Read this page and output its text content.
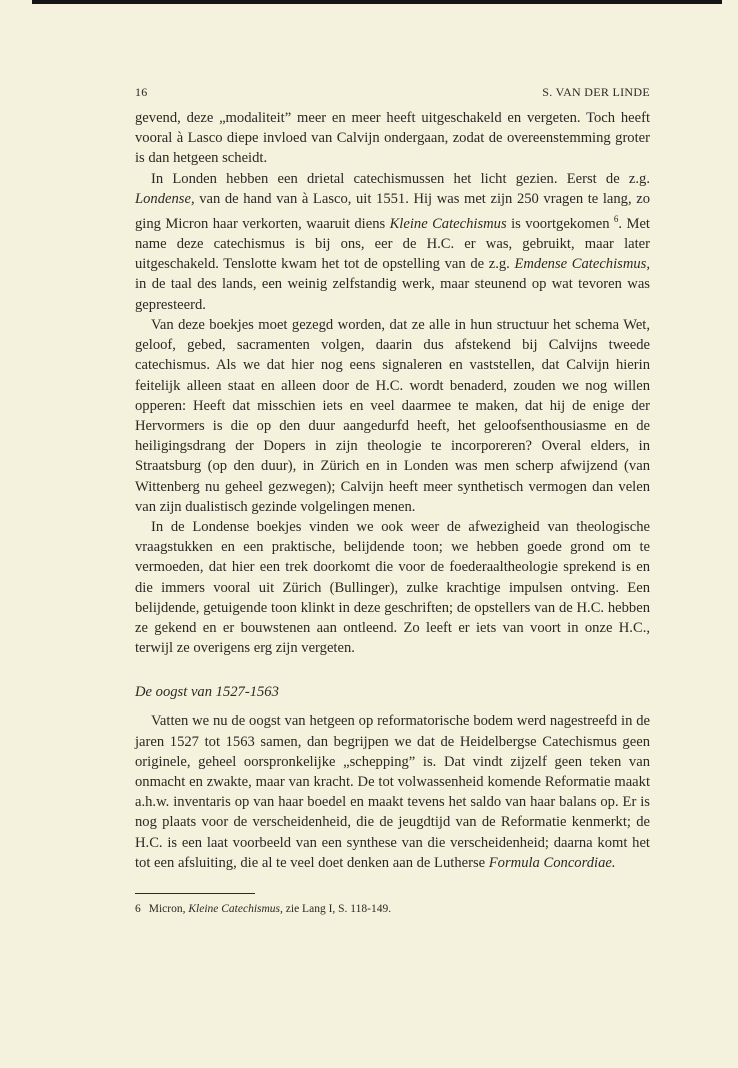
16	S. VAN DER LINDE

gevend, deze „modaliteit” meer en meer heeft uitgeschakeld en vergeten. Toch heeft vooral à Lasco diepe invloed van Calvijn ondergaan, zodat de overeenstemming groter is dan hetgeen scheidt.

In Londen hebben een drietal catechismussen het licht gezien. Eerst de z.g. Londense, van de hand van à Lasco, uit 1551. Hij was met zijn 250 vragen te lang, zo ging Micron haar verkorten, waaruit diens Kleine Catechismus is voortgekomen $^6$. Met name deze catechismus is bij ons, eer de H.C. er was, gebruikt, maar later uitgeschakeld. Tenslotte kwam het tot de opstelling van de z.g. Emdense Catechismus, in de taal des lands, een weinig zelfstandig werk, maar steunend op wat tevoren was gepresteerd.

Van deze boekjes moet gezegd worden, dat ze alle in hun structuur het schema Wet, geloof, gebed, sacramenten volgen, daarin dus afstekend bij Calvijns tweede catechismus. Als we dat hier nog eens signaleren en vaststellen, dat Calvijn hierin feitelijk alleen staat en alleen door de H.C. wordt benaderd, zouden we nog willen opperen: Heeft dat misschien iets en veel daarmee te maken, dat hij de enige der Hervormers is die op den duur aangedurfd heeft, het geloofsenthousiasme en de heiligingsdrang der Dopers in zijn theologie te incorporeren? Overal elders, in Straatsburg (op den duur), in Zürich en in Londen was men scherp afwijzend (van Wittenberg nu geheel gezwegen); Calvijn heeft meer synthetisch vermogen dan velen van zijn dualistisch gezinde volgelingen menen.

In de Londense boekjes vinden we ook weer de afwezigheid van theologische vraagstukken en een praktische, belijdende toon; we hebben goede grond om te vermoeden, dat hier een trek doorkomt die voor de foederaaltheologie sprekend is en die immers vooral uit Zürich (Bullinger), zulke krachtige impulsen ontving. Een belijdende, getuigende toon klinkt in deze geschriften; de opstellers van de H.C. hebben ze gekend en er bouwstenen aan ontleend. Zo leeft er iets van voort in onze H.C., terwijl ze overigens erg zijn vergeten.

De oogst van 1527-1563

Vatten we nu de oogst van hetgeen op reformatorische bodem werd nagestreefd in de jaren 1527 tot 1563 samen, dan begrijpen we dat de Heidelbergse Catechismus geen originele, geheel oorspronkelijke „schepping” is. Dat vindt zijzelf geen teken van onmacht en zwakte, maar van kracht. De tot volwassenheid komende Reformatie maakt a.h.w. inventaris op van haar boedel en maakt tevens het saldo van haar balans op. Er is nog plaats voor de verscheidenheid, die de jeugdtijd van de Reformatie kenmerkt; de H.C. is een laat voorbeeld van een synthese van die verscheidenheid; daarna komt het tot een afsluiting, die al te veel doet denken aan de Lutherse Formula Concordiae.

6 Micron, Kleine Catechismus, zie Lang I, S. 118-149.
